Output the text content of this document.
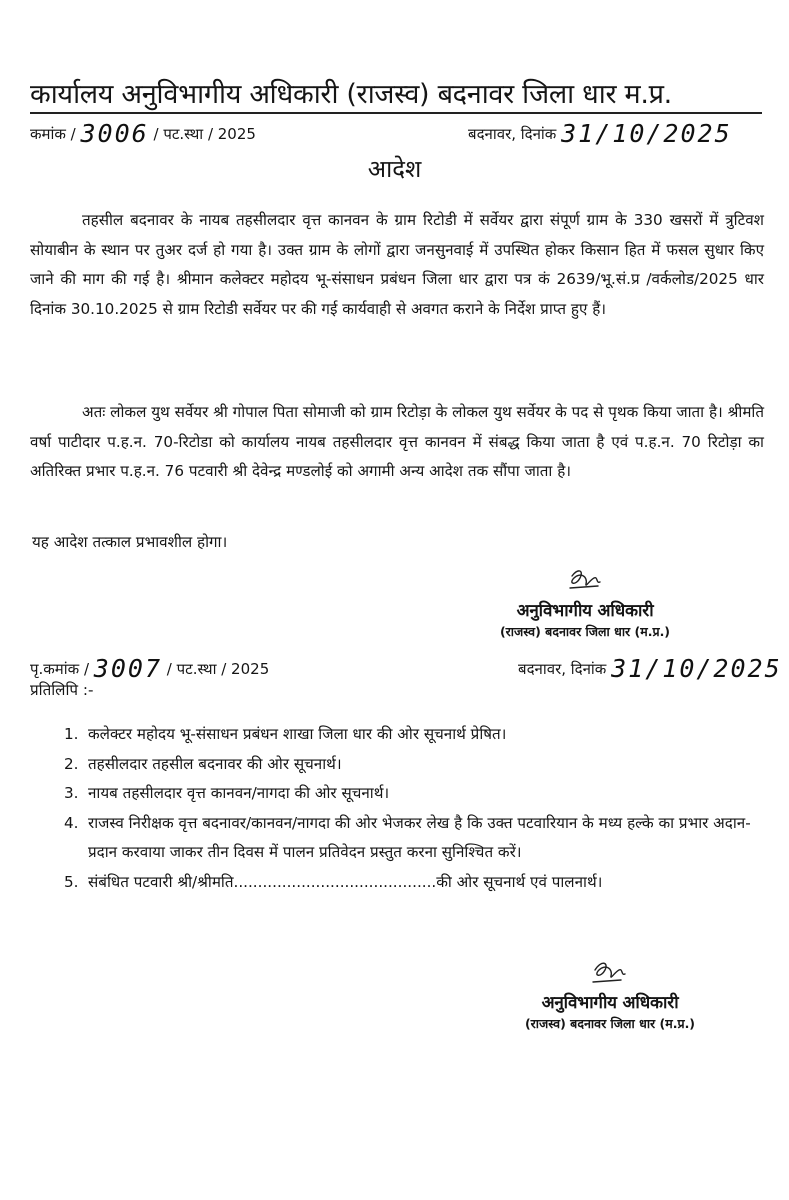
कार्यालय अनुविभागीय अधिकारी (राजस्व) बदनावर जिला धार म.प्र.
कमांक / 3006 / पट.स्था / 2025	बदनावर, दिनांक 31/10/2025
आदेश

तहसील बदनावर के नायब तहसीलदार वृत्त कानवन के ग्राम रिटोडी में सर्वेयर द्वारा संपूर्ण ग्राम के 330 खसरों में त्रुटिवश सोयाबीन के स्थान पर तुअर दर्ज हो गया है। उक्त ग्राम के लोगों द्वारा जनसुनवाई में उपस्थित होकर किसान हित में फसल सुधार किए जाने की माग की गई है। श्रीमान कलेक्टर महोदय भू-संसाधन प्रबंधन जिला धार द्वारा पत्र कं 2639/भू.सं.प्र /वर्कलोड/2025 धार दिनांक 30.10.2025 से ग्राम रिटोडी सर्वेयर पर की गई कार्यवाही से अवगत कराने के निर्देश प्राप्त हुए हैं।

अतः लोकल युथ सर्वेयर श्री गोपाल पिता सोमाजी को ग्राम रिटोड़ा के लोकल युथ सर्वेयर के पद से पृथक किया जाता है। श्रीमति वर्षा पाटीदार प.ह.न. 70-रिटोडा को कार्यालय नायब तहसीलदार वृत्त कानवन में संबद्ध किया जाता है एवं प.ह.न. 70 रिटोड़ा का अतिरिक्त प्रभार प.ह.न. 76 पटवारी श्री देवेन्द्र मण्डलोई को अगामी अन्य आदेश तक सौंपा जाता है।

यह आदेश तत्काल प्रभावशील होगा।
अनुविभागीय अधिकारी
(राजस्व) बदनावर जिला धार (म.प्र.)
पृ.कमांक / 3007 / पट.स्था / 2025	बदनावर, दिनांक 31/10/2025
प्रतिलिपि :-
1. कलेक्टर महोदय भू-संसाधन प्रबंधन शाखा जिला धार की ओर सूचनार्थ प्रेषित।
2. तहसीलदार तहसील बदनावर की ओर सूचनार्थ।
3. नायब तहसीलदार वृत्त कानवन/नागदा की ओर सूचनार्थ।
4. राजस्व निरीक्षक वृत्त बदनावर/कानवन/नागदा की ओर भेजकर लेख है कि उक्त पटवारियान के मध्य हल्के का प्रभार अदान-प्रदान करवाया जाकर तीन दिवस में पालन प्रतिवेदन प्रस्तुत करना सुनिश्चित करें।
5. संबंधित पटवारी श्री/श्रीमति..........................................की ओर सूचनार्थ एवं पालनार्थ।
अनुविभागीय अधिकारी
(राजस्व) बदनावर जिला धार (म.प्र.)
